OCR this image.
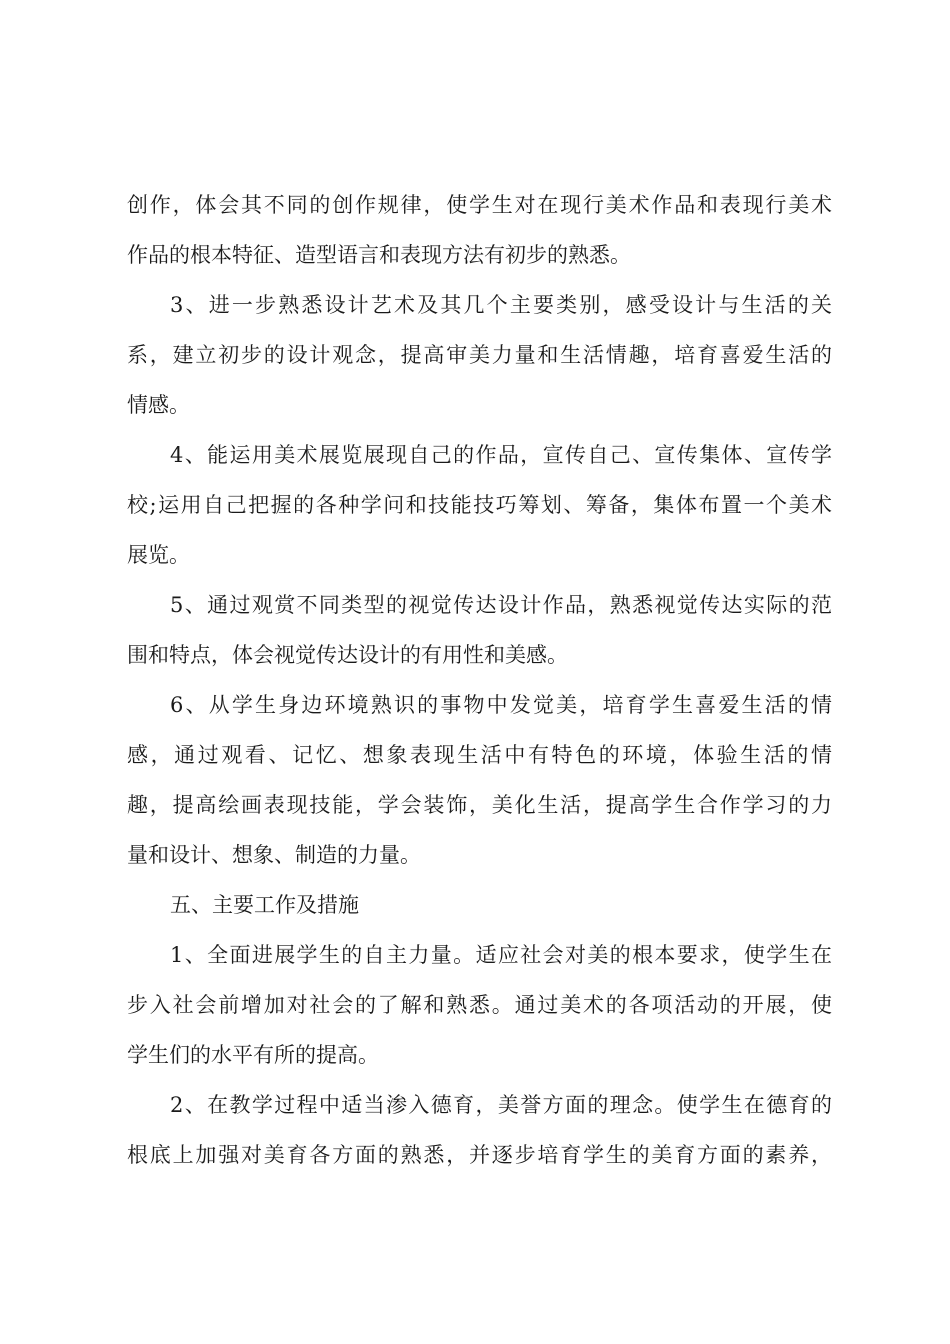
创作，体会其不同的创作规律，使学生对在现行美术作品和表现行美术
作品的根本特征、造型语言和表现方法有初步的熟悉。
3、进一步熟悉设计艺术及其几个主要类别，感受设计与生活的关
系，建立初步的设计观念，提高审美力量和生活情趣，培育喜爱生活的
情感。
4、能运用美术展览展现自己的作品，宣传自己、宣传集体、宣传学
校;运用自己把握的各种学问和技能技巧筹划、筹备，集体布置一个美术
展览。
5、通过观赏不同类型的视觉传达设计作品，熟悉视觉传达实际的范
围和特点，体会视觉传达设计的有用性和美感。
6、从学生身边环境熟识的事物中发觉美，培育学生喜爱生活的情
感，通过观看、记忆、想象表现生活中有特色的环境，体验生活的情
趣，提高绘画表现技能，学会装饰，美化生活，提高学生合作学习的力
量和设计、想象、制造的力量。
五、主要工作及措施
1、全面进展学生的自主力量。适应社会对美的根本要求，使学生在
步入社会前增加对社会的了解和熟悉。通过美术的各项活动的开展，使
学生们的水平有所的提高。
2、在教学过程中适当渗入德育，美誉方面的理念。使学生在德育的
根底上加强对美育各方面的熟悉，并逐步培育学生的美育方面的素养，
